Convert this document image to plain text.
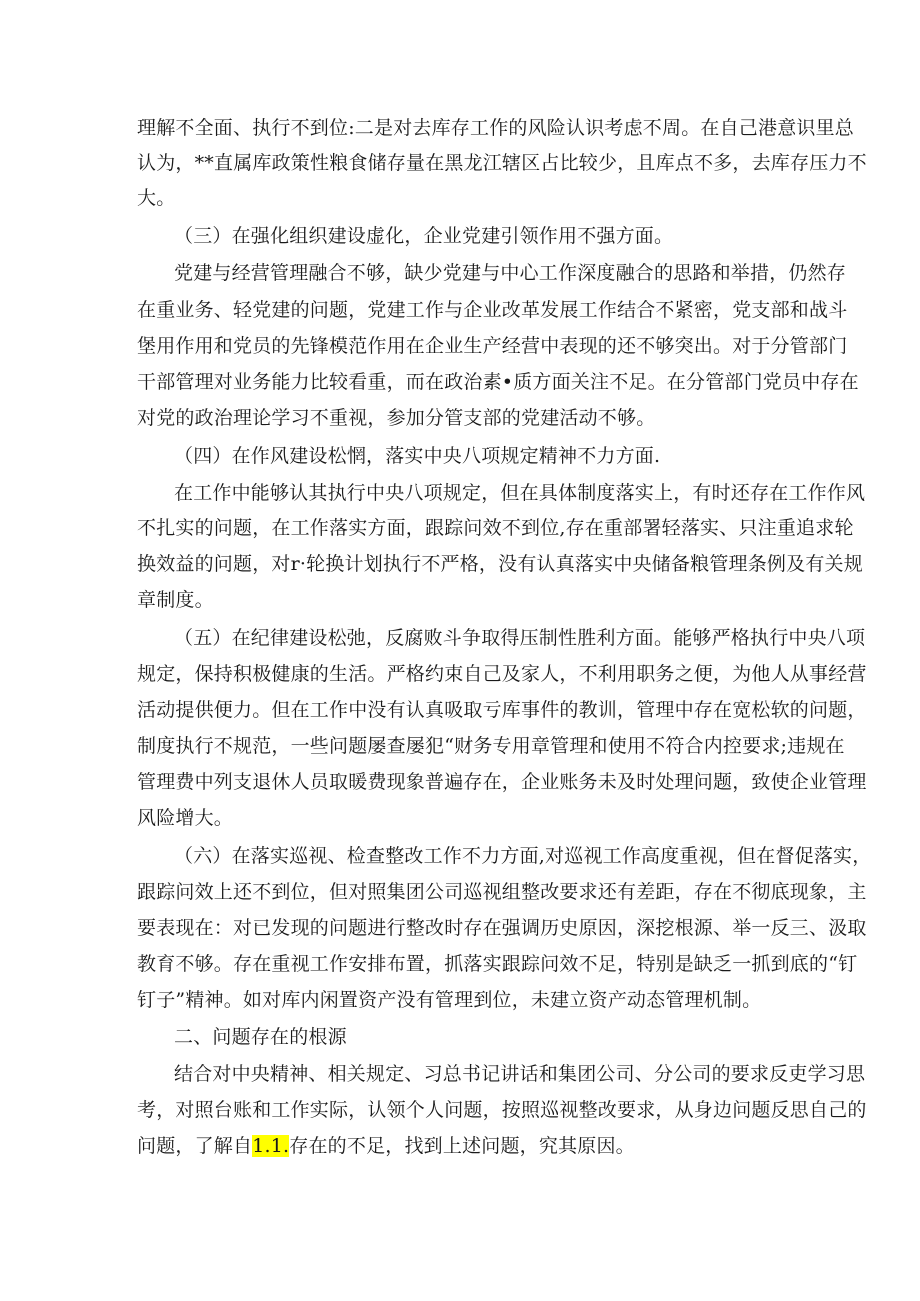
理解不全面、执行不到位:二是对去库存工作的风险认识考虑不周。在自己港意识里总
认为，**直属库政策性粮食储存量在黑龙江辖区占比较少，且库点不多，去库存压力不
大。
（三）在强化组织建设虚化，企业党建引领作用不强方面。
党建与经营管理融合不够，缺少党建与中心工作深度融合的思路和举措，仍然存
在重业务、轻党建的问题，党建工作与企业改革发展工作结合不紧密，党支部和战斗
堡用作用和党员的先锋模范作用在企业生产经营中表现的还不够突出。对于分管部门
干部管理对业务能力比较看重，而在政治素•质方面关注不足。在分管部门党员中存在
对党的政治理论学习不重视，参加分管支部的党建活动不够。
（四）在作风建设松惘，落实中央八项规定精神不力方面.
在工作中能够认其执行中央八项规定，但在具体制度落实上，有时还存在工作作风
不扎实的问题，在工作落实方面，跟踪问效不到位,存在重部署轻落实、只注重追求轮
换效益的问题，对r·轮换计划执行不严格，没有认真落实中央储备粮管理条例及有关规
章制度。
（五）在纪律建设松弛，反腐败斗争取得压制性胜利方面。能够严格执行中央八项
规定，保持积极健康的生活。严格约束自己及家人，不利用职务之便，为他人从事经营
活动提供便力。但在工作中没有认真吸取亏库事件的教训，管理中存在宽松软的问题，
制度执行不规范，一些问题屡查屡犯“财务专用章管理和使用不符合内控要求;违规在
管理费中列支退休人员取暖费现象普遍存在，企业账务未及时处理问题，致使企业管理
风险增大。
（六）在落实巡视、检查整改工作不力方面,对巡视工作高度重视，但在督促落实，
跟踪问效上还不到位，但对照集团公司巡视组整改要求还有差距，存在不彻底现象，主
要表现在：对已发现的问题进行整改时存在强调历史原因，深挖根源、举一反三、汲取
教育不够。存在重视工作安排布置，抓落实跟踪问效不足，特别是缺乏一抓到底的“钉
钉子”精神。如对库内闲置资产没有管理到位，未建立资产动态管理机制。
二、问题存在的根源
结合对中央精神、相关规定、习总书记讲话和集团公司、分公司的要求反吏学习思
考，对照台账和工作实际，认领个人问题，按照巡视整改要求，从身边问题反思自己的
问题，了解自1.1.存在的不足，找到上述问题，究其原因。
